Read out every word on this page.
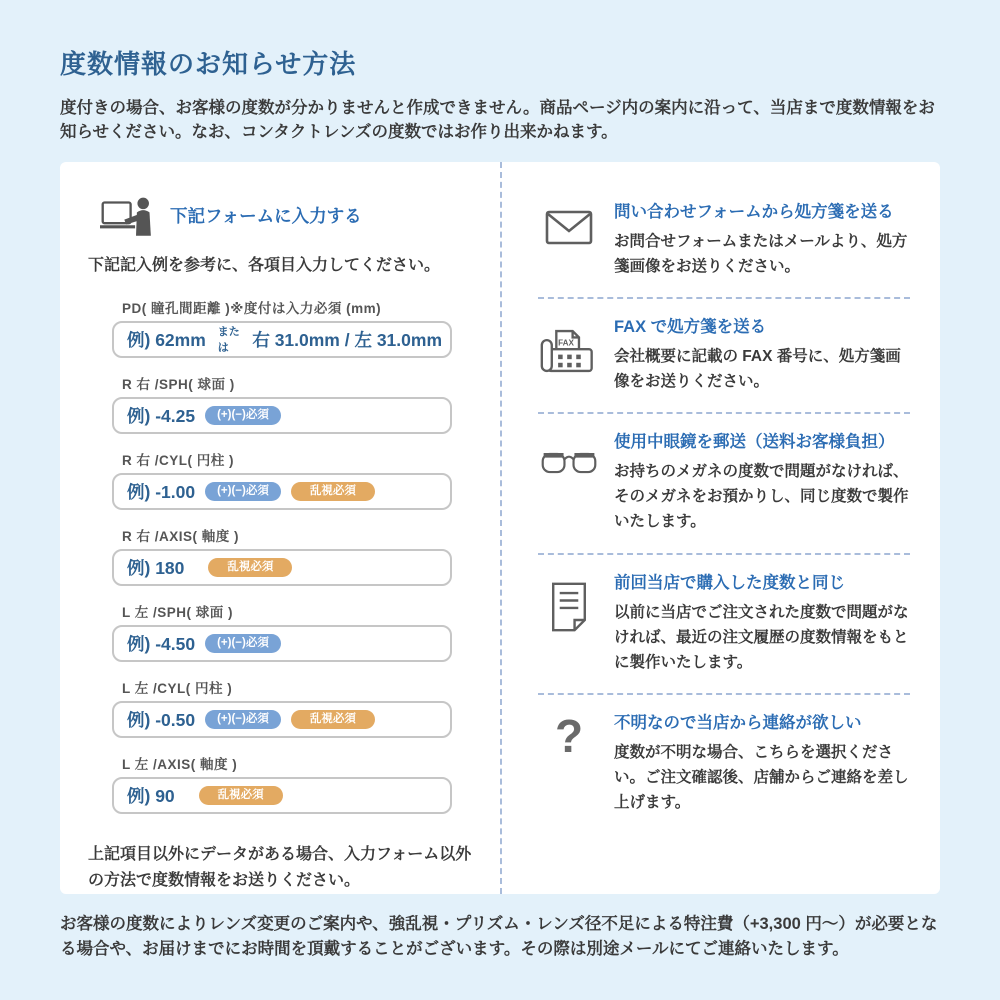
度数情報のお知らせ方法

度付きの場合、お客様の度数が分かりませんと作成できません。商品ページ内の案内に沿って、当店まで度数情報をお知らせください。なお、コンタクトレンズの度数ではお作り出来かねます。

下記フォームに入力する

下記記入例を参考に、各項目入力してください。

PD( 瞳孔間距離 )※度付は入力必須 (mm)
例) 62mm または	右 31.0mm / 左 31.0mm
R 右 /SPH( 球面 )
例) -4.25	(+)(−)必須
R 右 /CYL( 円柱 )
例) -1.00	(+)(−)必須	乱視必須
R 右 /AXIS( 軸度 )
例) 180	乱視必須
L 左 /SPH( 球面 )
例) -4.50	(+)(−)必須
L 左 /CYL( 円柱 )
例) -0.50	(+)(−)必須	乱視必須
L 左 /AXIS( 軸度 )
例) 90	乱視必須

上記項目以外にデータがある場合、入力フォーム以外の方法で度数情報をお送りください。

問い合わせフォームから処方箋を送る
お問合せフォームまたはメールより、処方箋画像をお送りください。
FAX
FAX で処方箋を送る
会社概要に記載の FAX 番号に、処方箋画像をお送りください。
使用中眼鏡を郵送（送料お客様負担）
お持ちのメガネの度数で問題がなければ、そのメガネをお預かりし、同じ度数で製作いたします。
前回当店で購入した度数と同じ
以前に当店でご注文された度数で問題がなければ、最近の注文履歴の度数情報をもとに製作いたします。
? 不明なので当店から連絡が欲しい
度数が不明な場合、こちらを選択ください。ご注文確認後、店舗からご連絡を差し上げます。

お客様の度数によりレンズ変更のご案内や、強乱視・プリズム・レンズ径不足による特注費（+3,300 円～）が必要となる場合や、お届けまでにお時間を頂戴することがございます。その際は別途メールにてご連絡いたします。
